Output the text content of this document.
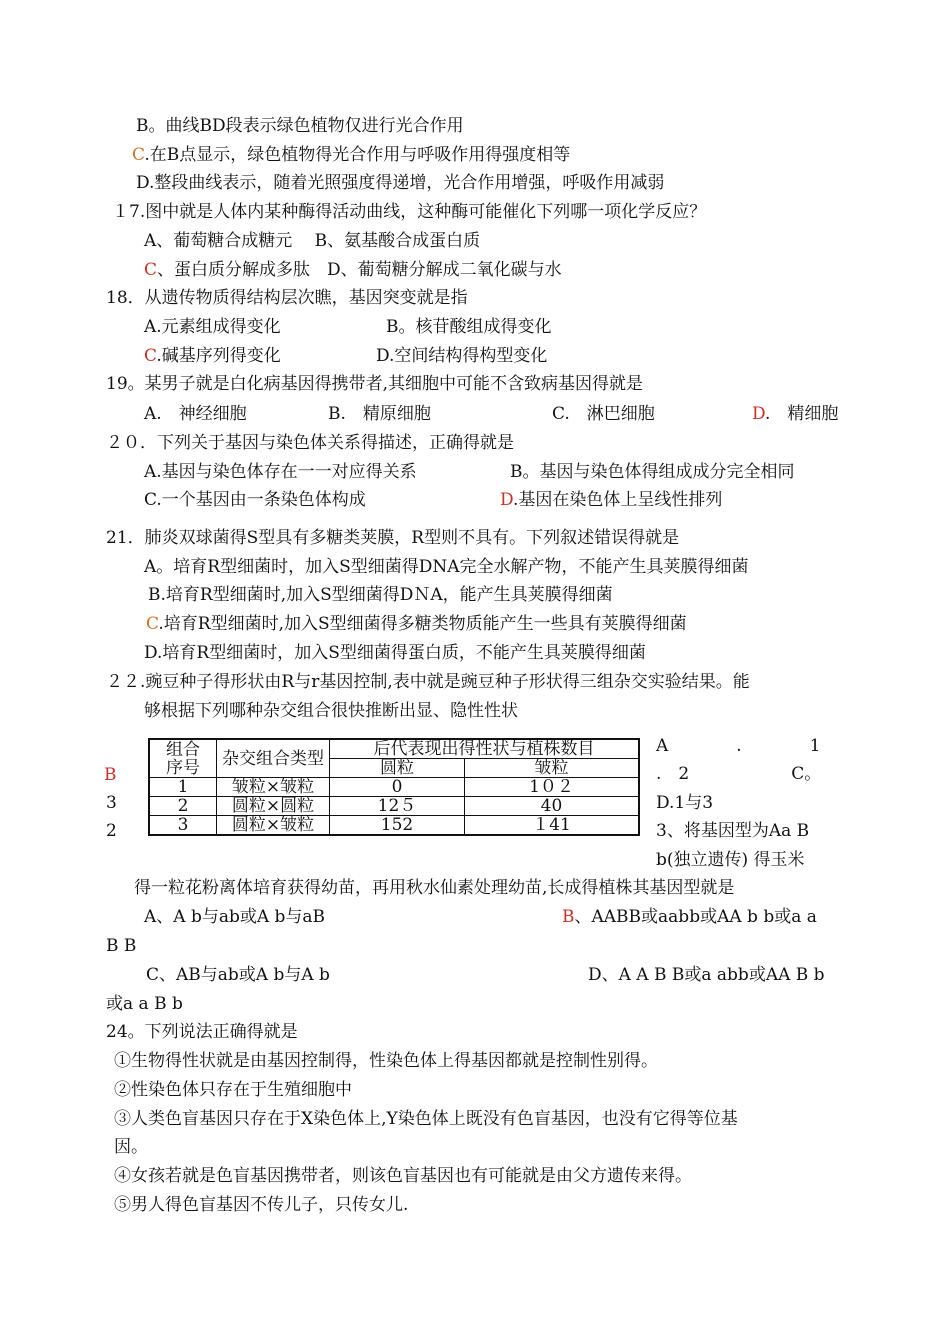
B。曲线BD段表示绿色植物仅进行光合作用
C.在B点显示，绿色植物得光合作用与呼吸作用得强度相等
D.整段曲线表示，随着光照强度得递增，光合作用增强，呼吸作用减弱
１7.图中就是人体内某种酶得活动曲线，这种酶可能催化下列哪一项化学反应？
A、葡萄糖合成糖元　 B、氨基酸合成蛋白质
C、蛋白质分解成多肽　D、葡萄糖分解成二氧化碳与水
18．从遗传物质得结构层次瞧，基因突变就是指
A.元素组成得变化	B。核苷酸组成得变化
C.碱基序列得变化	D.空间结构得构型变化
19。某男子就是白化病基因得携带者,其细胞中可能不含致病基因得就是
A.　神经细胞	B.　精原细胞	C.　淋巴细胞	D.　精细胞
２０．下列关于基因与染色体关系得描述，正确得就是
A.基因与染色体存在一一对应得关系	B。基因与染色体得组成成分完全相同
C.一个基因由一条染色体构成	D.基因在染色体上呈线性排列
21．肺炎双球菌得S型具有多糖类荚膜，R型则不具有。下列叙述错误得就是
A。培育R型细菌时，加入S型细菌得DNA完全水解产物，不能产生具荚膜得细菌
B.培育R型细菌时,加入S型细菌得DＮA，能产生具荚膜得细菌
C.培育R型细菌时,加入S型细菌得多糖类物质能产生一些具有荚膜得细菌
D.培育R型细菌时，加入S型细菌得蛋白质，不能产生具荚膜得细菌
２２.豌豆种子得形状由R与r基因控制,表中就是豌豆种子形状得三组杂交实验结果。能
够根据下列哪种杂交组合很快推断出显、隐性性状
B
3
2
组合
序号	杂交组合类型	后代表现出得性状与植株数目	
		圆粒	皱粒
1	皱粒×皱粒	0	1０２
2	圆粒×圆粒	12５	40
3	圆粒×皱粒	152	１41
A　　　　.　　　　1
.　2　　　　　　C。
D.1与3
3、将基因型为Aa B
b(独立遗传) 得玉米
得一粒花粉离体培育获得幼苗，再用秋水仙素处理幼苗,长成得植株其基因型就是
A、A b与ab或A b与aB	B、AABB或aabb或AA b b或a a
B B
C、AB与ab或A b与A b	D、A A B B或a abb或AA B b
或a a B b
24。下列说法正确得就是
①生物得性状就是由基因控制得，性染色体上得基因都就是控制性别得。
②性染色体只存在于生殖细胞中
③人类色盲基因只存在于X染色体上,Y染色体上既没有色盲基因，也没有它得等位基
因。
④女孩若就是色盲基因携带者，则该色盲基因也有可能就是由父方遗传来得。
⑤男人得色盲基因不传儿子，只传女儿.
